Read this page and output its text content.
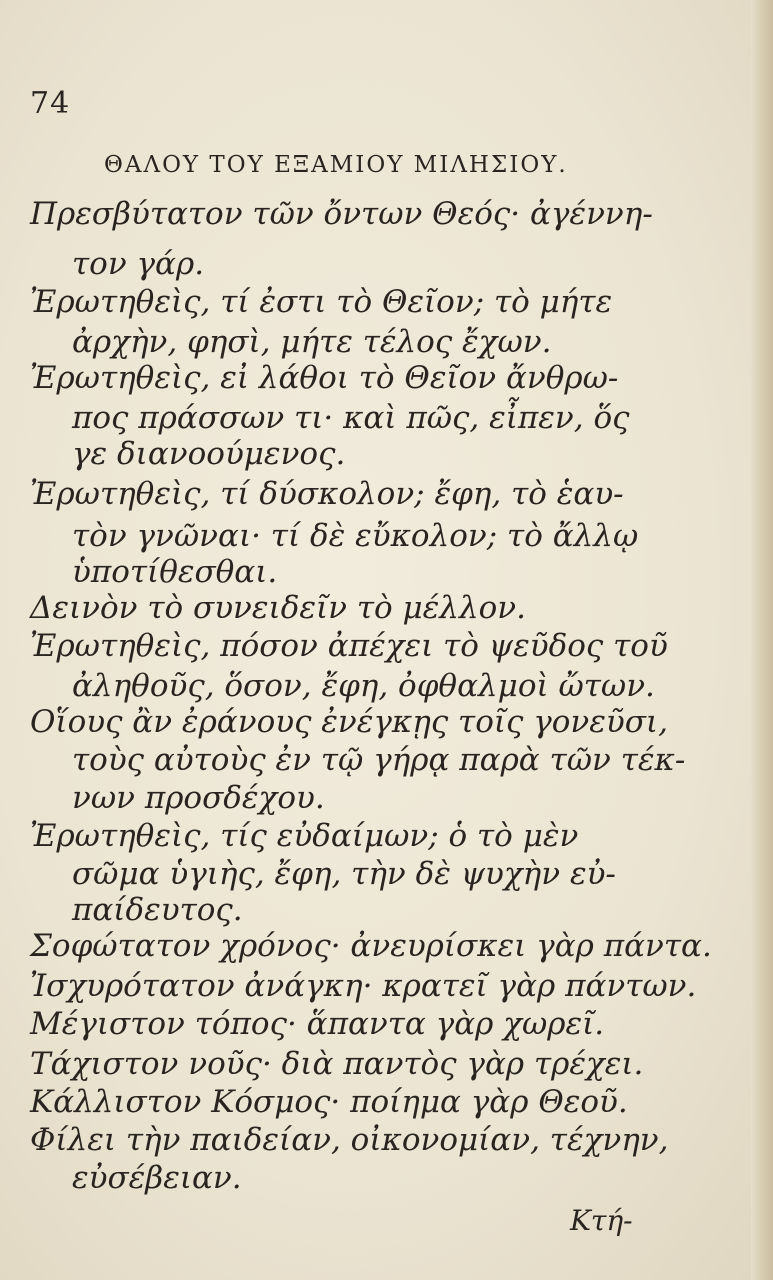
74
ΘΑΛΟΥ ΤΟΥ ΕΞΑΜΙΟΥ ΜΙΛΗΣΙΟΥ.
Πρεσβύτατον τῶν ὄντων Θεός· ἀγέννη-
τον γάρ.
Ἐρωτηθεὶς, τί ἐστι τὸ Θεῖον; τὸ μήτε
ἀρχὴν, φησὶ, μήτε τέλος ἔχων.
Ἐρωτηθεὶς, εἰ λάθοι τὸ Θεῖον ἄνθρω-
πος πράσσων τι· καὶ πῶς, εἶπεν, ὅς
γε διανοούμενος.
Ἐρωτηθεὶς, τί δύσκολον; ἔφη, τὸ ἑαυ-
τὸν γνῶναι· τί δὲ εὔκολον; τὸ ἄλλῳ
ὑποτίθεσθαι.
Δεινὸν τὸ συνειδεῖν τὸ μέλλον.
Ἐρωτηθεὶς, πόσον ἀπέχει τὸ ψεῦδος τοῦ
ἀληθοῦς, ὅσον, ἔφη, ὀφθαλμοὶ ὤτων.
Οἵους ἂν ἐράνους ἐνέγκῃς τοῖς γονεῦσι,
τοὺς αὐτοὺς ἐν τῷ γήρᾳ παρὰ τῶν τέκ-
νων προσδέχου.
Ἐρωτηθεὶς, τίς εὐδαίμων; ὁ τὸ μὲν
σῶμα ὑγιὴς, ἔφη, τὴν δὲ ψυχὴν εὐ-
παίδευτος.
Σοφώτατον χρόνος· ἀνευρίσκει γὰρ πάντα.
Ἰσχυρότατον ἀνάγκη· κρατεῖ γὰρ πάντων.
Μέγιστον τόπος· ἅπαντα γὰρ χωρεῖ.
Τάχιστον νοῦς· διὰ παντὸς γὰρ τρέχει.
Κάλλιστον Κόσμος· ποίημα γὰρ Θεοῦ.
Φίλει τὴν παιδείαν, οἰκονομίαν, τέχνην,
εὐσέβειαν.
Κτή-
